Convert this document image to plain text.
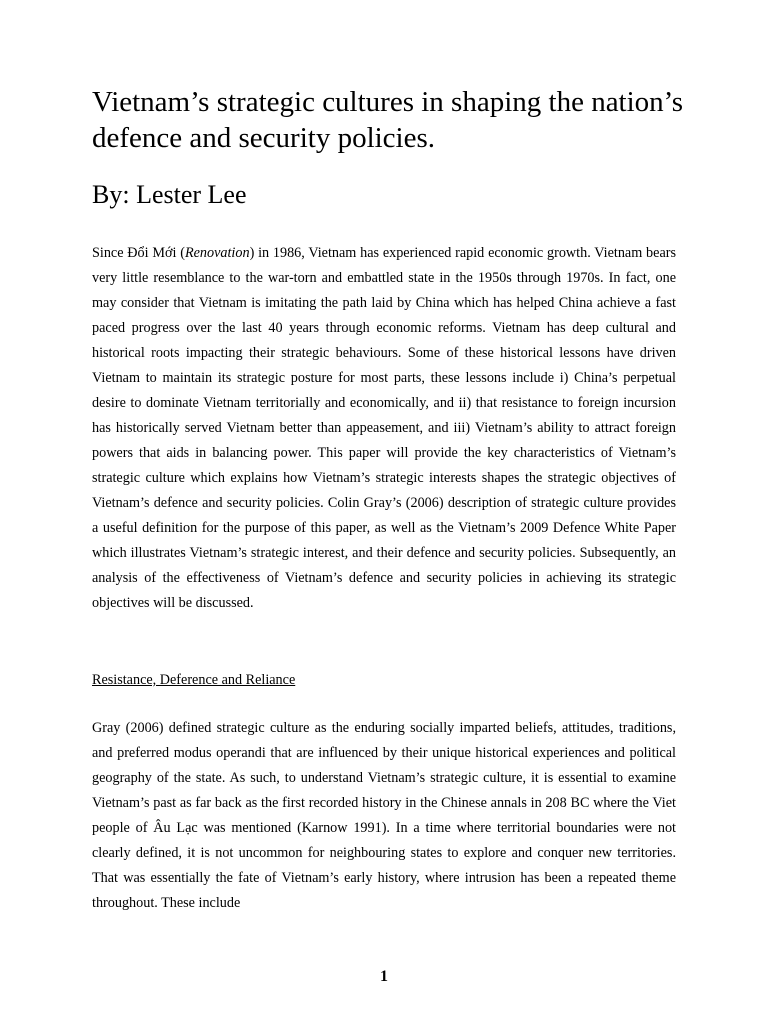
Vietnam’s strategic cultures in shaping the nation’s defence and security policies.
By: Lester Lee

Since Đổi Mới (Renovation) in 1986, Vietnam has experienced rapid economic growth. Vietnam bears very little resemblance to the war-torn and embattled state in the 1950s through 1970s. In fact, one may consider that Vietnam is imitating the path laid by China which has helped China achieve a fast paced progress over the last 40 years through economic reforms. Vietnam has deep cultural and historical roots impacting their strategic behaviours. Some of these historical lessons have driven Vietnam to maintain its strategic posture for most parts, these lessons include i) China’s perpetual desire to dominate Vietnam territorially and economically, and ii) that resistance to foreign incursion has historically served Vietnam better than appeasement, and iii) Vietnam’s ability to attract foreign powers that aids in balancing power. This paper will provide the key characteristics of Vietnam’s strategic culture which explains how Vietnam’s strategic interests shapes the strategic objectives of Vietnam’s defence and security policies. Colin Gray’s (2006) description of strategic culture provides a useful definition for the purpose of this paper, as well as the Vietnam’s 2009 Defence White Paper which illustrates Vietnam’s strategic interest, and their defence and security policies. Subsequently, an analysis of the effectiveness of Vietnam’s defence and security policies in achieving its strategic objectives will be discussed.

Resistance, Deference and Reliance

Gray (2006) defined strategic culture as the enduring socially imparted beliefs, attitudes, traditions, and preferred modus operandi that are influenced by their unique historical experiences and political geography of the state. As such, to understand Vietnam’s strategic culture, it is essential to examine Vietnam’s past as far back as the first recorded history in the Chinese annals in 208 BC where the Viet people of Âu Lạc was mentioned (Karnow 1991). In a time where territorial boundaries were not clearly defined, it is not uncommon for neighbouring states to explore and conquer new territories. That was essentially the fate of Vietnam’s early history, where intrusion has been a repeated theme throughout. These include

1
